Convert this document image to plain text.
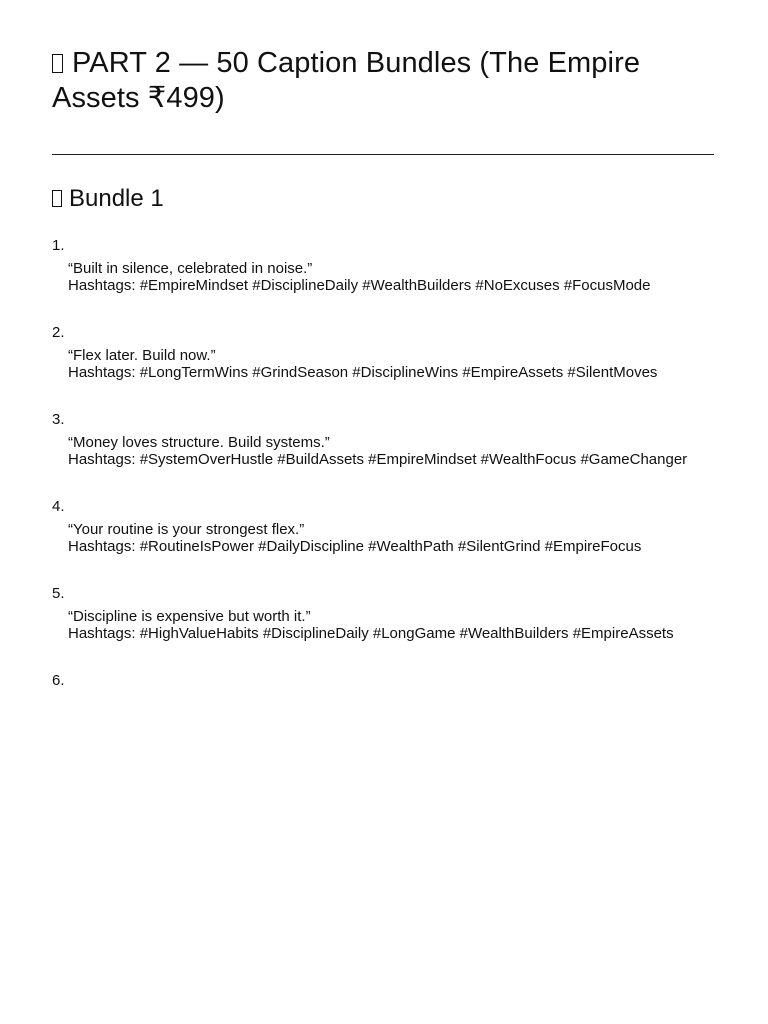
PART 2 — 50 Caption Bundles (The Empire Assets ₹499)
Bundle 1
1.
“Built in silence, celebrated in noise.”
Hashtags: #EmpireMindset #DisciplineDaily #WealthBuilders #NoExcuses #FocusMode
2.
“Flex later. Build now.”
Hashtags: #LongTermWins #GrindSeason #DisciplineWins #EmpireAssets #SilentMoves
3.
“Money loves structure. Build systems.”
Hashtags: #SystemOverHustle #BuildAssets #EmpireMindset #WealthFocus #GameChanger
4.
“Your routine is your strongest flex.”
Hashtags: #RoutineIsPower #DailyDiscipline #WealthPath #SilentGrind #EmpireFocus
5.
“Discipline is expensive but worth it.”
Hashtags: #HighValueHabits #DisciplineDaily #LongGame #WealthBuilders #EmpireAssets
6.
